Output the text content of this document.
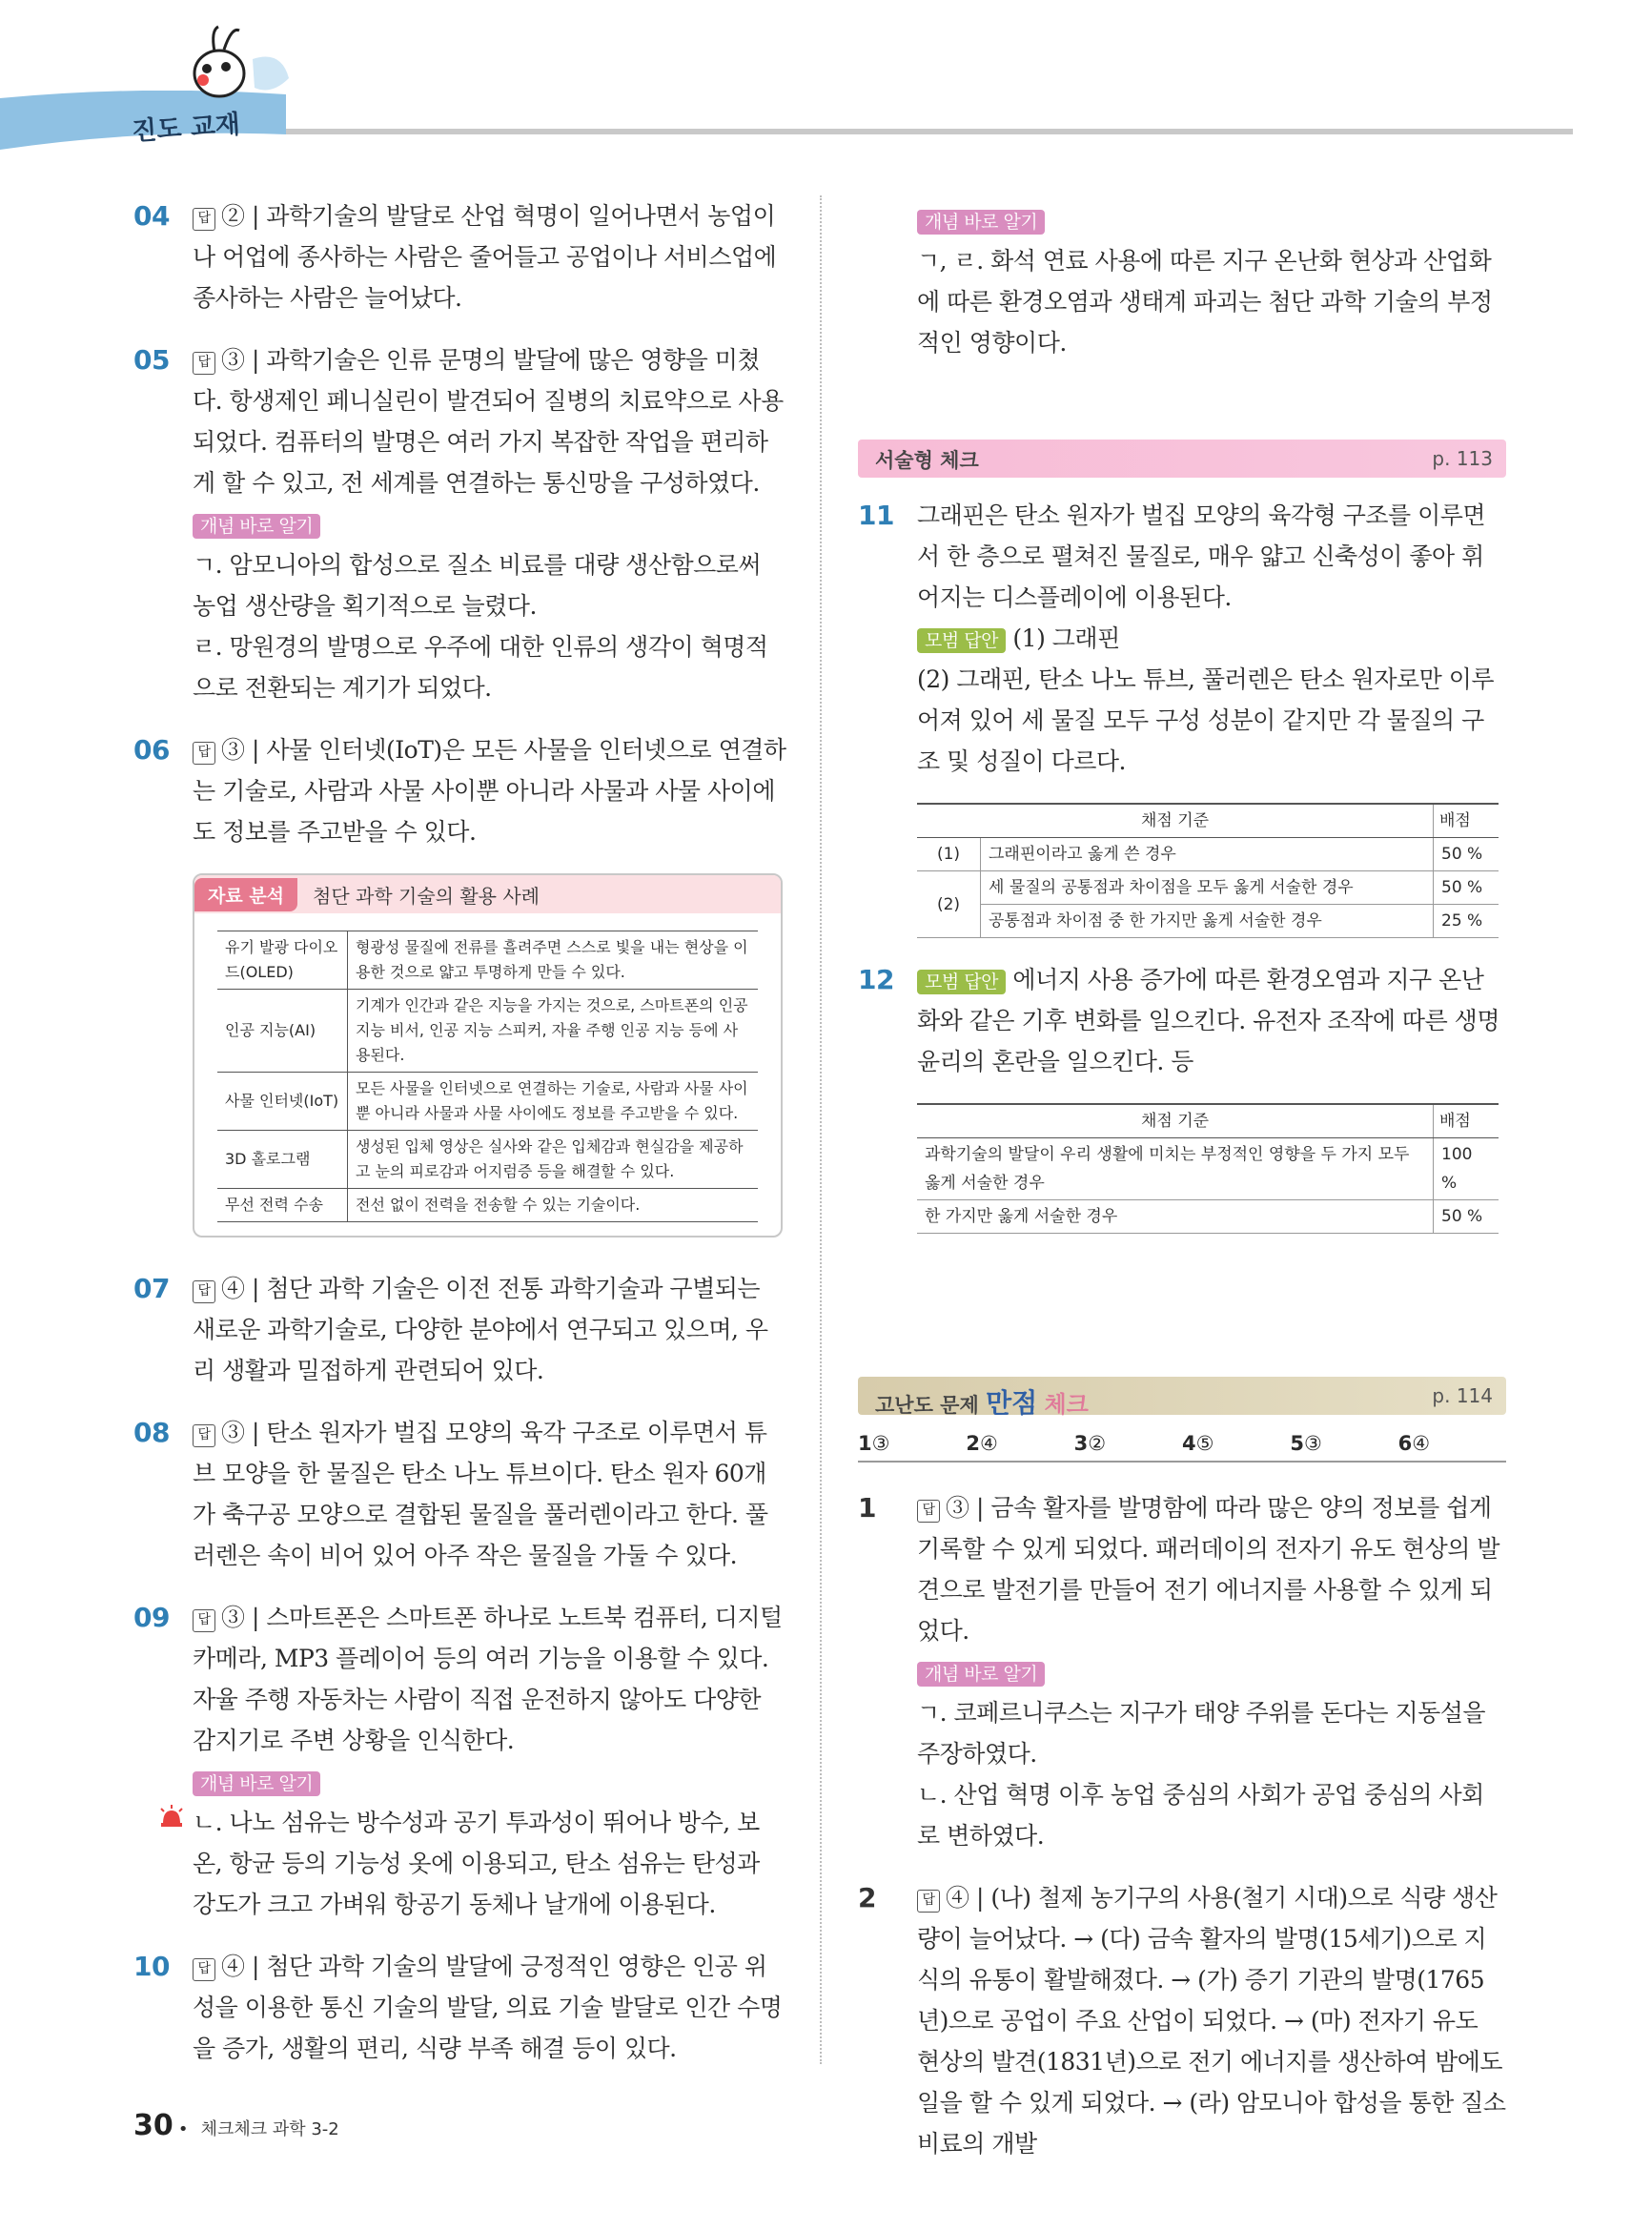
진도 교재
04 답 ② | 과학기술의 발달로 산업 혁명이 일어나면서 농업이나 어업에 종사하는 사람은 줄어들고 공업이나 서비스업에 종사하는 사람은 늘어났다.
05 답 ③ | 과학기술은 인류 문명의 발달에 많은 영향을 미쳤다. 항생제인 페니실린이 발견되어 질병의 치료약으로 사용되었다. 컴퓨터의 발명은 여러 가지 복잡한 작업을 편리하게 할 수 있고, 전 세계를 연결하는 통신망을 구성하였다.
개념 바로 알기
ㄱ. 암모니아의 합성으로 질소 비료를 대량 생산함으로써 농업 생산량을 획기적으로 늘렸다.
ㄹ. 망원경의 발명으로 우주에 대한 인류의 생각이 혁명적으로 전환되는 계기가 되었다.
06 답 ③ | 사물 인터넷(IoT)은 모든 사물을 인터넷으로 연결하는 기술로, 사람과 사물 사이뿐 아니라 사물과 사물 사이에도 정보를 주고받을 수 있다.
자료 분석	첨단 과학 기술의 활용 사례
유기 발광 다이오드(OLED)	형광성 물질에 전류를 흘려주면 스스로 빛을 내는 현상을 이용한 것으로 얇고 투명하게 만들 수 있다.
인공 지능(AI)	기계가 인간과 같은 지능을 가지는 것으로, 스마트폰의 인공 지능 비서, 인공 지능 스피커, 자율 주행 인공 지능 등에 사용된다.
사물 인터넷(IoT)	모든 사물을 인터넷으로 연결하는 기술로, 사람과 사물 사이뿐 아니라 사물과 사물 사이에도 정보를 주고받을 수 있다.
3D 홀로그램	생성된 입체 영상은 실사와 같은 입체감과 현실감을 제공하고 눈의 피로감과 어지럼증 등을 해결할 수 있다.
무선 전력 수송	전선 없이 전력을 전송할 수 있는 기술이다.
07 답 ④ | 첨단 과학 기술은 이전 전통 과학기술과 구별되는 새로운 과학기술로, 다양한 분야에서 연구되고 있으며, 우리 생활과 밀접하게 관련되어 있다.
08 답 ③ | 탄소 원자가 벌집 모양의 육각 구조로 이루면서 튜브 모양을 한 물질은 탄소 나노 튜브이다. 탄소 원자 60개가 축구공 모양으로 결합된 물질을 풀러렌이라고 한다. 풀러렌은 속이 비어 있어 아주 작은 물질을 가둘 수 있다.
09 답 ③ | 스마트폰은 스마트폰 하나로 노트북 컴퓨터, 디지털 카메라, MP3 플레이어 등의 여러 기능을 이용할 수 있다. 자율 주행 자동차는 사람이 직접 운전하지 않아도 다양한 감지기로 주변 상황을 인식한다.
개념 바로 알기
ㄴ. 나노 섬유는 방수성과 공기 투과성이 뛰어나 방수, 보온, 항균 등의 기능성 옷에 이용되고, 탄소 섬유는 탄성과 강도가 크고 가벼워 항공기 동체나 날개에 이용된다.
10 답 ④ | 첨단 과학 기술의 발달에 긍정적인 영향은 인공 위성을 이용한 통신 기술의 발달, 의료 기술 발달로 인간 수명을 증가, 생활의 편리, 식량 부족 해결 등이 있다.
개념 바로 알기
ㄱ, ㄹ. 화석 연료 사용에 따른 지구 온난화 현상과 산업화에 따른 환경오염과 생태계 파괴는 첨단 과학 기술의 부정적인 영향이다.
서술형 체크	p. 113
11 그래핀은 탄소 원자가 벌집 모양의 육각형 구조를 이루면서 한 층으로 펼쳐진 물질로, 매우 얇고 신축성이 좋아 휘어지는 디스플레이에 이용된다.
모범 답안 (1) 그래핀
(2) 그래핀, 탄소 나노 튜브, 풀러렌은 탄소 원자로만 이루어져 있어 세 물질 모두 구성 성분이 같지만 각 물질의 구조 및 성질이 다르다.
채점 기준		배점
(1)	그래핀이라고 옳게 쓴 경우	50 %
(2)	세 물질의 공통점과 차이점을 모두 옳게 서술한 경우	50 %
	공통점과 차이점 중 한 가지만 옳게 서술한 경우	25 %
12 모범 답안 에너지 사용 증가에 따른 환경오염과 지구 온난화와 같은 기후 변화를 일으킨다. 유전자 조작에 따른 생명 윤리의 혼란을 일으킨다. 등
채점 기준	배점
과학기술의 발달이 우리 생활에 미치는 부정적인 영향을 두 가지 모두 옳게 서술한 경우	100 %
한 가지만 옳게 서술한 경우	50 %
고난도 문제 만점 체크	p. 114
1③	2④	3②	4⑤	5③	6④
1	답 ③ | 금속 활자를 발명함에 따라 많은 양의 정보를 쉽게 기록할 수 있게 되었다. 패러데이의 전자기 유도 현상의 발견으로 발전기를 만들어 전기 에너지를 사용할 수 있게 되었다.
개념 바로 알기
ㄱ. 코페르니쿠스는 지구가 태양 주위를 돈다는 지동설을 주장하였다.
ㄴ. 산업 혁명 이후 농업 중심의 사회가 공업 중심의 사회로 변하였다.
2	답 ④ | (나) 철제 농기구의 사용(철기 시대)으로 식량 생산량이 늘어났다. → (다) 금속 활자의 발명(15세기)으로 지식의 유통이 활발해졌다. → (가) 증기 기관의 발명(1765년)으로 공업이 주요 산업이 되었다. → (마) 전자기 유도 현상의 발견(1831년)으로 전기 에너지를 생산하여 밤에도 일을 할 수 있게 되었다. → (라) 암모니아 합성을 통한 질소 비료의 개발
30 • 체크체크 과학 3-2
